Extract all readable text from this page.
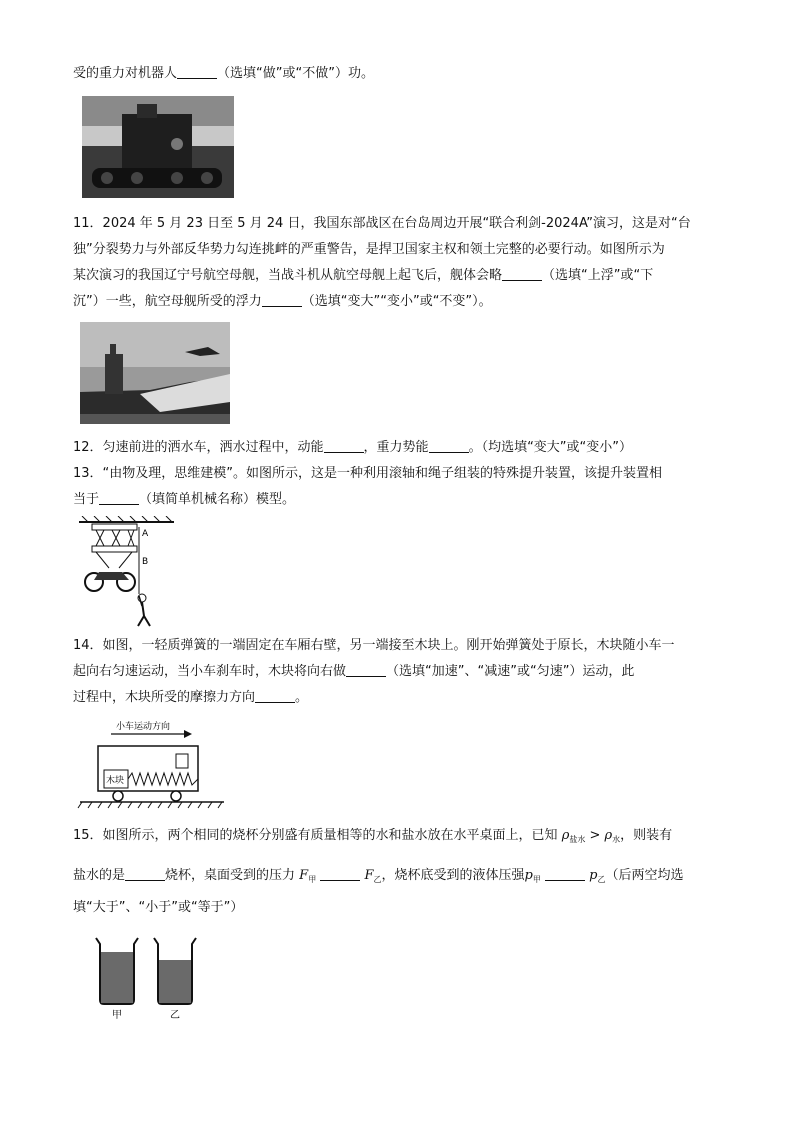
受的重力对机器人	（选填“做”或“不做”）功。
11．2024 年 5 月 23 日至 5 月 24 日，我国东部战区在台岛周边开展“联合利剑-2024A”演习，这是对“台
独”分裂势力与外部反华势力勾连挑衅的严重警告，是捍卫国家主权和领土完整的必要行动。如图所示为
某次演习的我国辽宁号航空母舰，当战斗机从航空母舰上起飞后，舰体会略	（选填“上浮”或“下
沉”）一些，航空母舰所受的浮力	（选填“变大”“变小”或“不变”）。
12．匀速前进的洒水车，洒水过程中，动能	，重力势能	。（均选填“变大”或“变小”）
13．“由物及理，思维建模”。如图所示，这是一种利用滚轴和绳子组装的特殊提升装置，该提升装置相
当于	（填简单机械名称）模型。
A
B
14．如图，一轻质弹簧的一端固定在车厢右壁，另一端接至木块上。刚开始弹簧处于原长，木块随小车一
起向右匀速运动，当小车刹车时，木块将向右做	（选填“加速”、“减速”或“匀速”）运动，此
过程中，木块所受的摩擦力方向	。
小车运动方向
木块
15．如图所示，两个相同的烧杯分别盛有质量相等的水和盐水放在水平桌面上，已知 $\rho_{盐水} > \rho_水$，则装有
盐水的是	烧杯，桌面受到的压力 $F_甲$	$F_乙$，烧杯底受到的液体压强$p_甲$	$p_乙$（后两空均选
填“大于”、“小于”或“等于”）
甲	乙
